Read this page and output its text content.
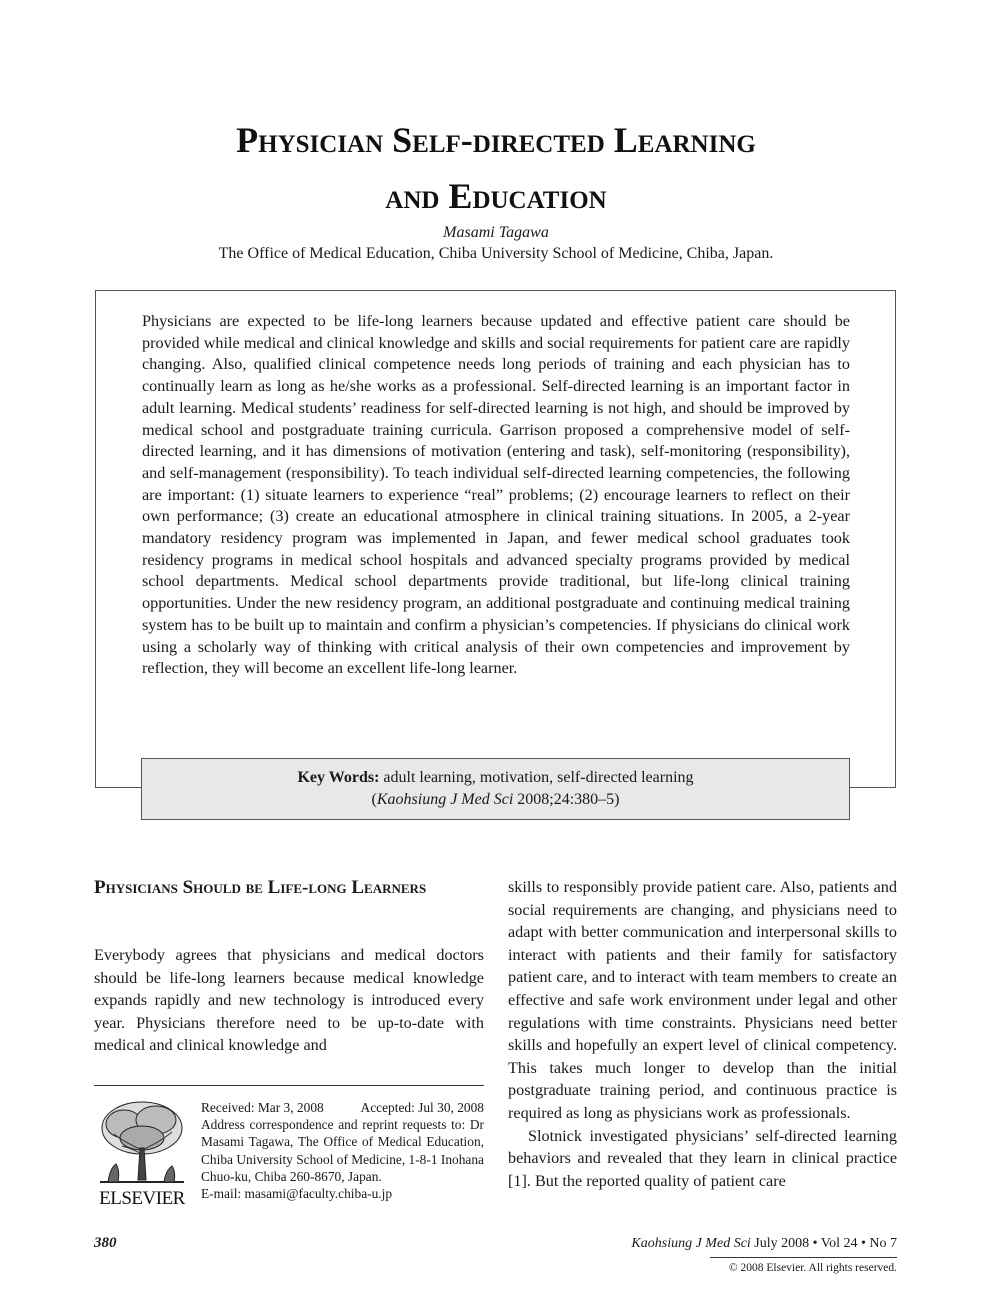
Physician Self-directed Learning
and Education
Masami Tagawa
The Office of Medical Education, Chiba University School of Medicine, Chiba, Japan.

Physicians are expected to be life-long learners because updated and effective patient care should be provided while medical and clinical knowledge and skills and social requirements for patient care are rapidly changing. Also, qualified clinical competence needs long periods of training and each physician has to continually learn as long as he/she works as a professional. Self-directed learning is an important factor in adult learning. Medical students’ readiness for self-directed learning is not high, and should be improved by medical school and postgraduate training curricula. Garrison proposed a comprehensive model of self-directed learning, and it has dimensions of motivation (entering and task), self-monitoring (responsibility), and self-management (responsibility). To teach individual self-directed learning competencies, the following are important: (1) situate learners to experience “real” problems; (2) encourage learners to reflect on their own performance; (3) create an educational atmosphere in clinical training situations. In 2005, a 2-year mandatory residency program was implemented in Japan, and fewer medical school graduates took residency programs in medical school hospitals and advanced specialty programs provided by medical school departments. Medical school departments provide traditional, but life-long clinical training opportunities. Under the new residency program, an additional postgraduate and continuing medical training system has to be built up to maintain and confirm a physician’s competencies. If physicians do clinical work using a scholarly way of thinking with critical analysis of their own competencies and improvement by reflection, they will become an excellent life-long learner.

Key Words: adult learning, motivation, self-directed learning
(Kaohsiung J Med Sci 2008;24:380–5)
Physicians Should be Life-long Learners

Everybody agrees that physicians and medical doctors should be life-long learners because medical knowledge expands rapidly and new technology is introduced every year. Physicians therefore need to be up-to-date with medical and clinical knowledge and

skills to responsibly provide patient care. Also, patients and social requirements are changing, and physicians need to adapt with better communication and interpersonal skills to interact with patients and their family for satisfactory patient care, and to interact with team members to create an effective and safe work environment under legal and other regulations with time constraints. Physicians need better skills and hopefully an expert level of clinical competency. This takes much longer to develop than the initial postgraduate training period, and continuous practice is required as long as physicians work as professionals.

Slotnick investigated physicians’ self-directed learning behaviors and revealed that they learn in clinical practice [1]. But the reported quality of patient care

ELSEVIER
Received: Mar 3, 2008	Accepted: Jul 30, 2008
Address correspondence and reprint requests to: Dr Masami Tagawa, The Office of Medical Education, Chiba University School of Medicine, 1-8-1 Inohana Chuo-ku, Chiba 260-8670, Japan.
E-mail: masami@faculty.chiba-u.jp
380	Kaohsiung J Med Sci July 2008 • Vol 24 • No 7
© 2008 Elsevier. All rights reserved.
